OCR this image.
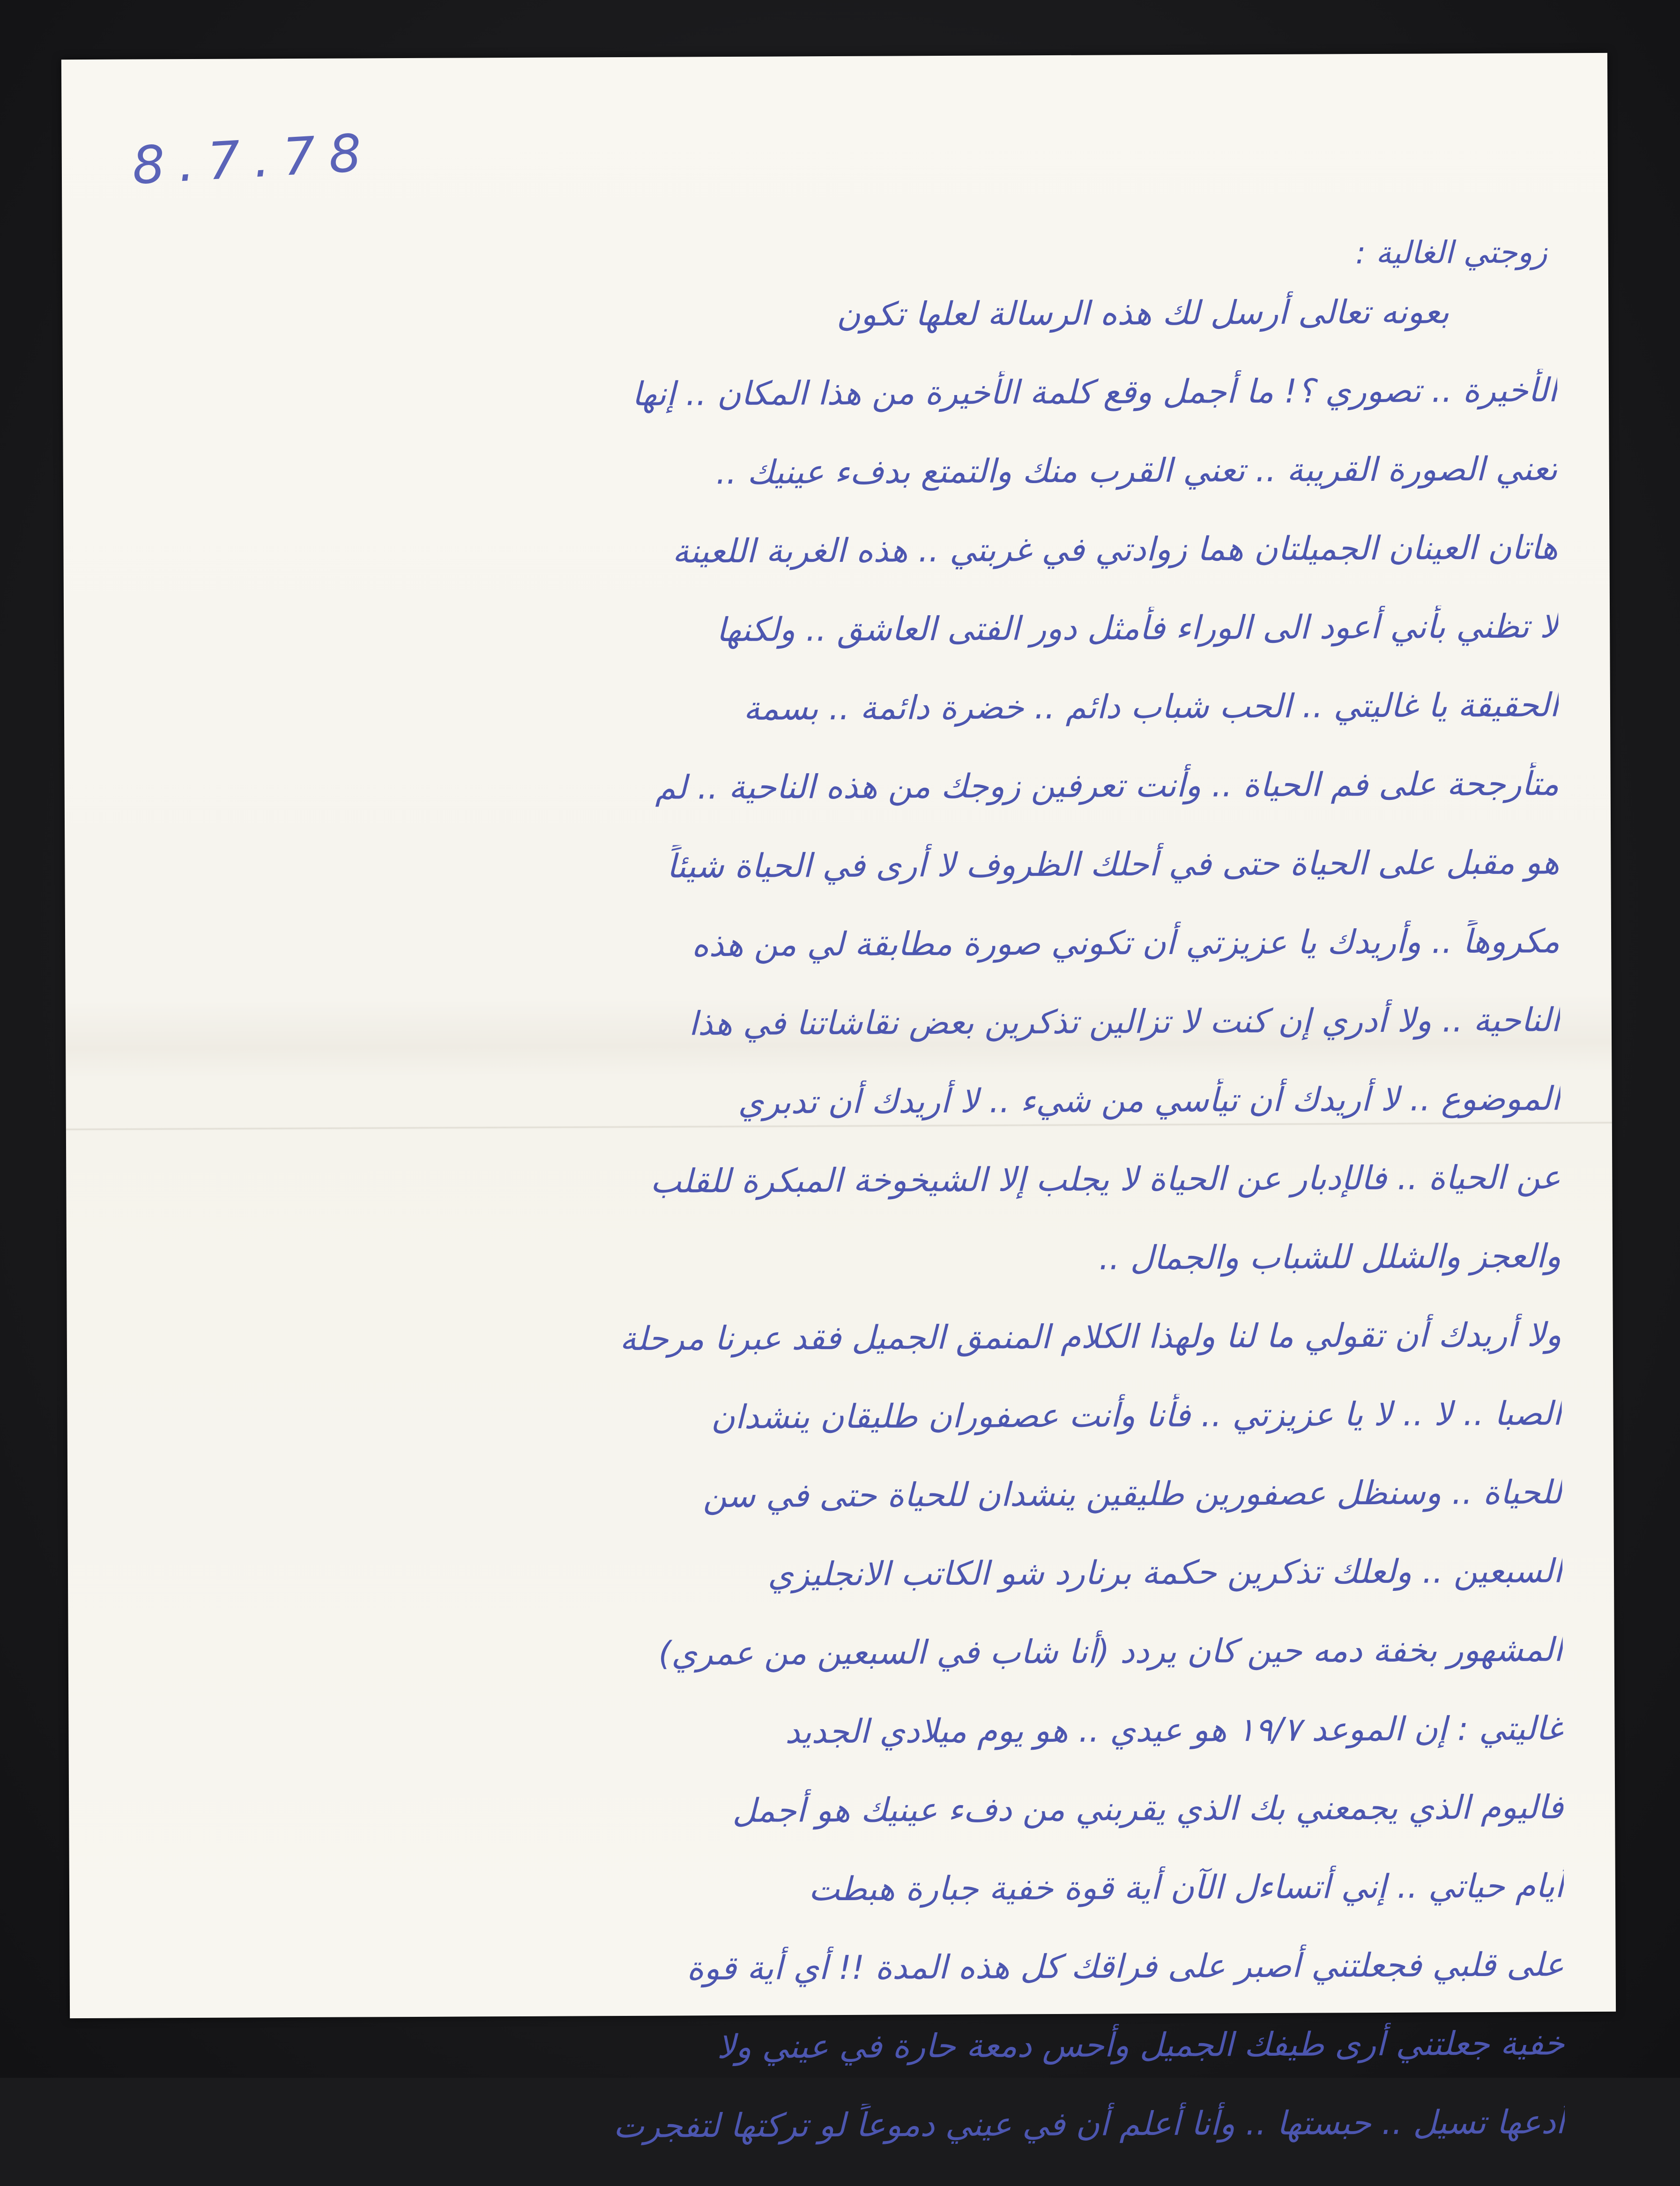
8.7.78
زوجتي الغالية :
بعونه تعالى أرسل لك هذه الرسالة لعلها تكون
الأخيرة .. تصوري ؟! ما أجمل وقع كلمة الأخيرة من هذا المكان .. إنها
تعني الصورة القريبة .. تعني القرب منك والتمتع بدفء عينيك ..
هاتان العينان الجميلتان هما زوادتي في غربتي .. هذه الغربة اللعينة
لا تظني بأني أعود الى الوراء فأمثل دور الفتى العاشق .. ولكنها
الحقيقة يا غاليتي .. الحب شباب دائم .. خضرة دائمة .. بسمة
متأرجحة على فم الحياة .. وأنت تعرفين زوجك من هذه الناحية .. لم
هو مقبل على الحياة حتى في أحلك الظروف لا أرى في الحياة شيئاً
مكروهاً .. وأريدك يا عزيزتي أن تكوني صورة مطابقة لي من هذه
الناحية .. ولا أدري إن كنت لا تزالين تذكرين بعض نقاشاتنا في هذا
الموضوع .. لا أريدك أن تيأسي من شيء .. لا أريدك أن تدبري
عن الحياة .. فالإدبار عن الحياة لا يجلب إلا الشيخوخة المبكرة للقلب
والعجز والشلل للشباب والجمال ..
ولا أريدك أن تقولي ما لنا ولهذا الكلام المنمق الجميل فقد عبرنا مرحلة
الصبا .. لا .. لا يا عزيزتي .. فأنا وأنت عصفوران طليقان ينشدان
للحياة .. وسنظل عصفورين طليقين ينشدان للحياة حتى في سن
السبعين .. ولعلك تذكرين حكمة برنارد شو الكاتب الانجليزي
المشهور بخفة دمه حين كان يردد (أنا شاب في السبعين من عمري)
غاليتي : إن الموعد ١٩/٧ هو عيدي .. هو يوم ميلادي الجديد
فاليوم الذي يجمعني بك الذي يقربني من دفء عينيك هو أجمل
أيام حياتي .. إني أتساءل الآن أية قوة خفية جبارة هبطت
على قلبي فجعلتني أصبر على فراقك كل هذه المدة !! أي أية قوة
خفية جعلتني أرى طيفك الجميل وأحس دمعة حارة في عيني ولا
أدعها تسيل .. حبستها .. وأنا أعلم أن في عيني دموعاً لو تركتها لتفجرت
